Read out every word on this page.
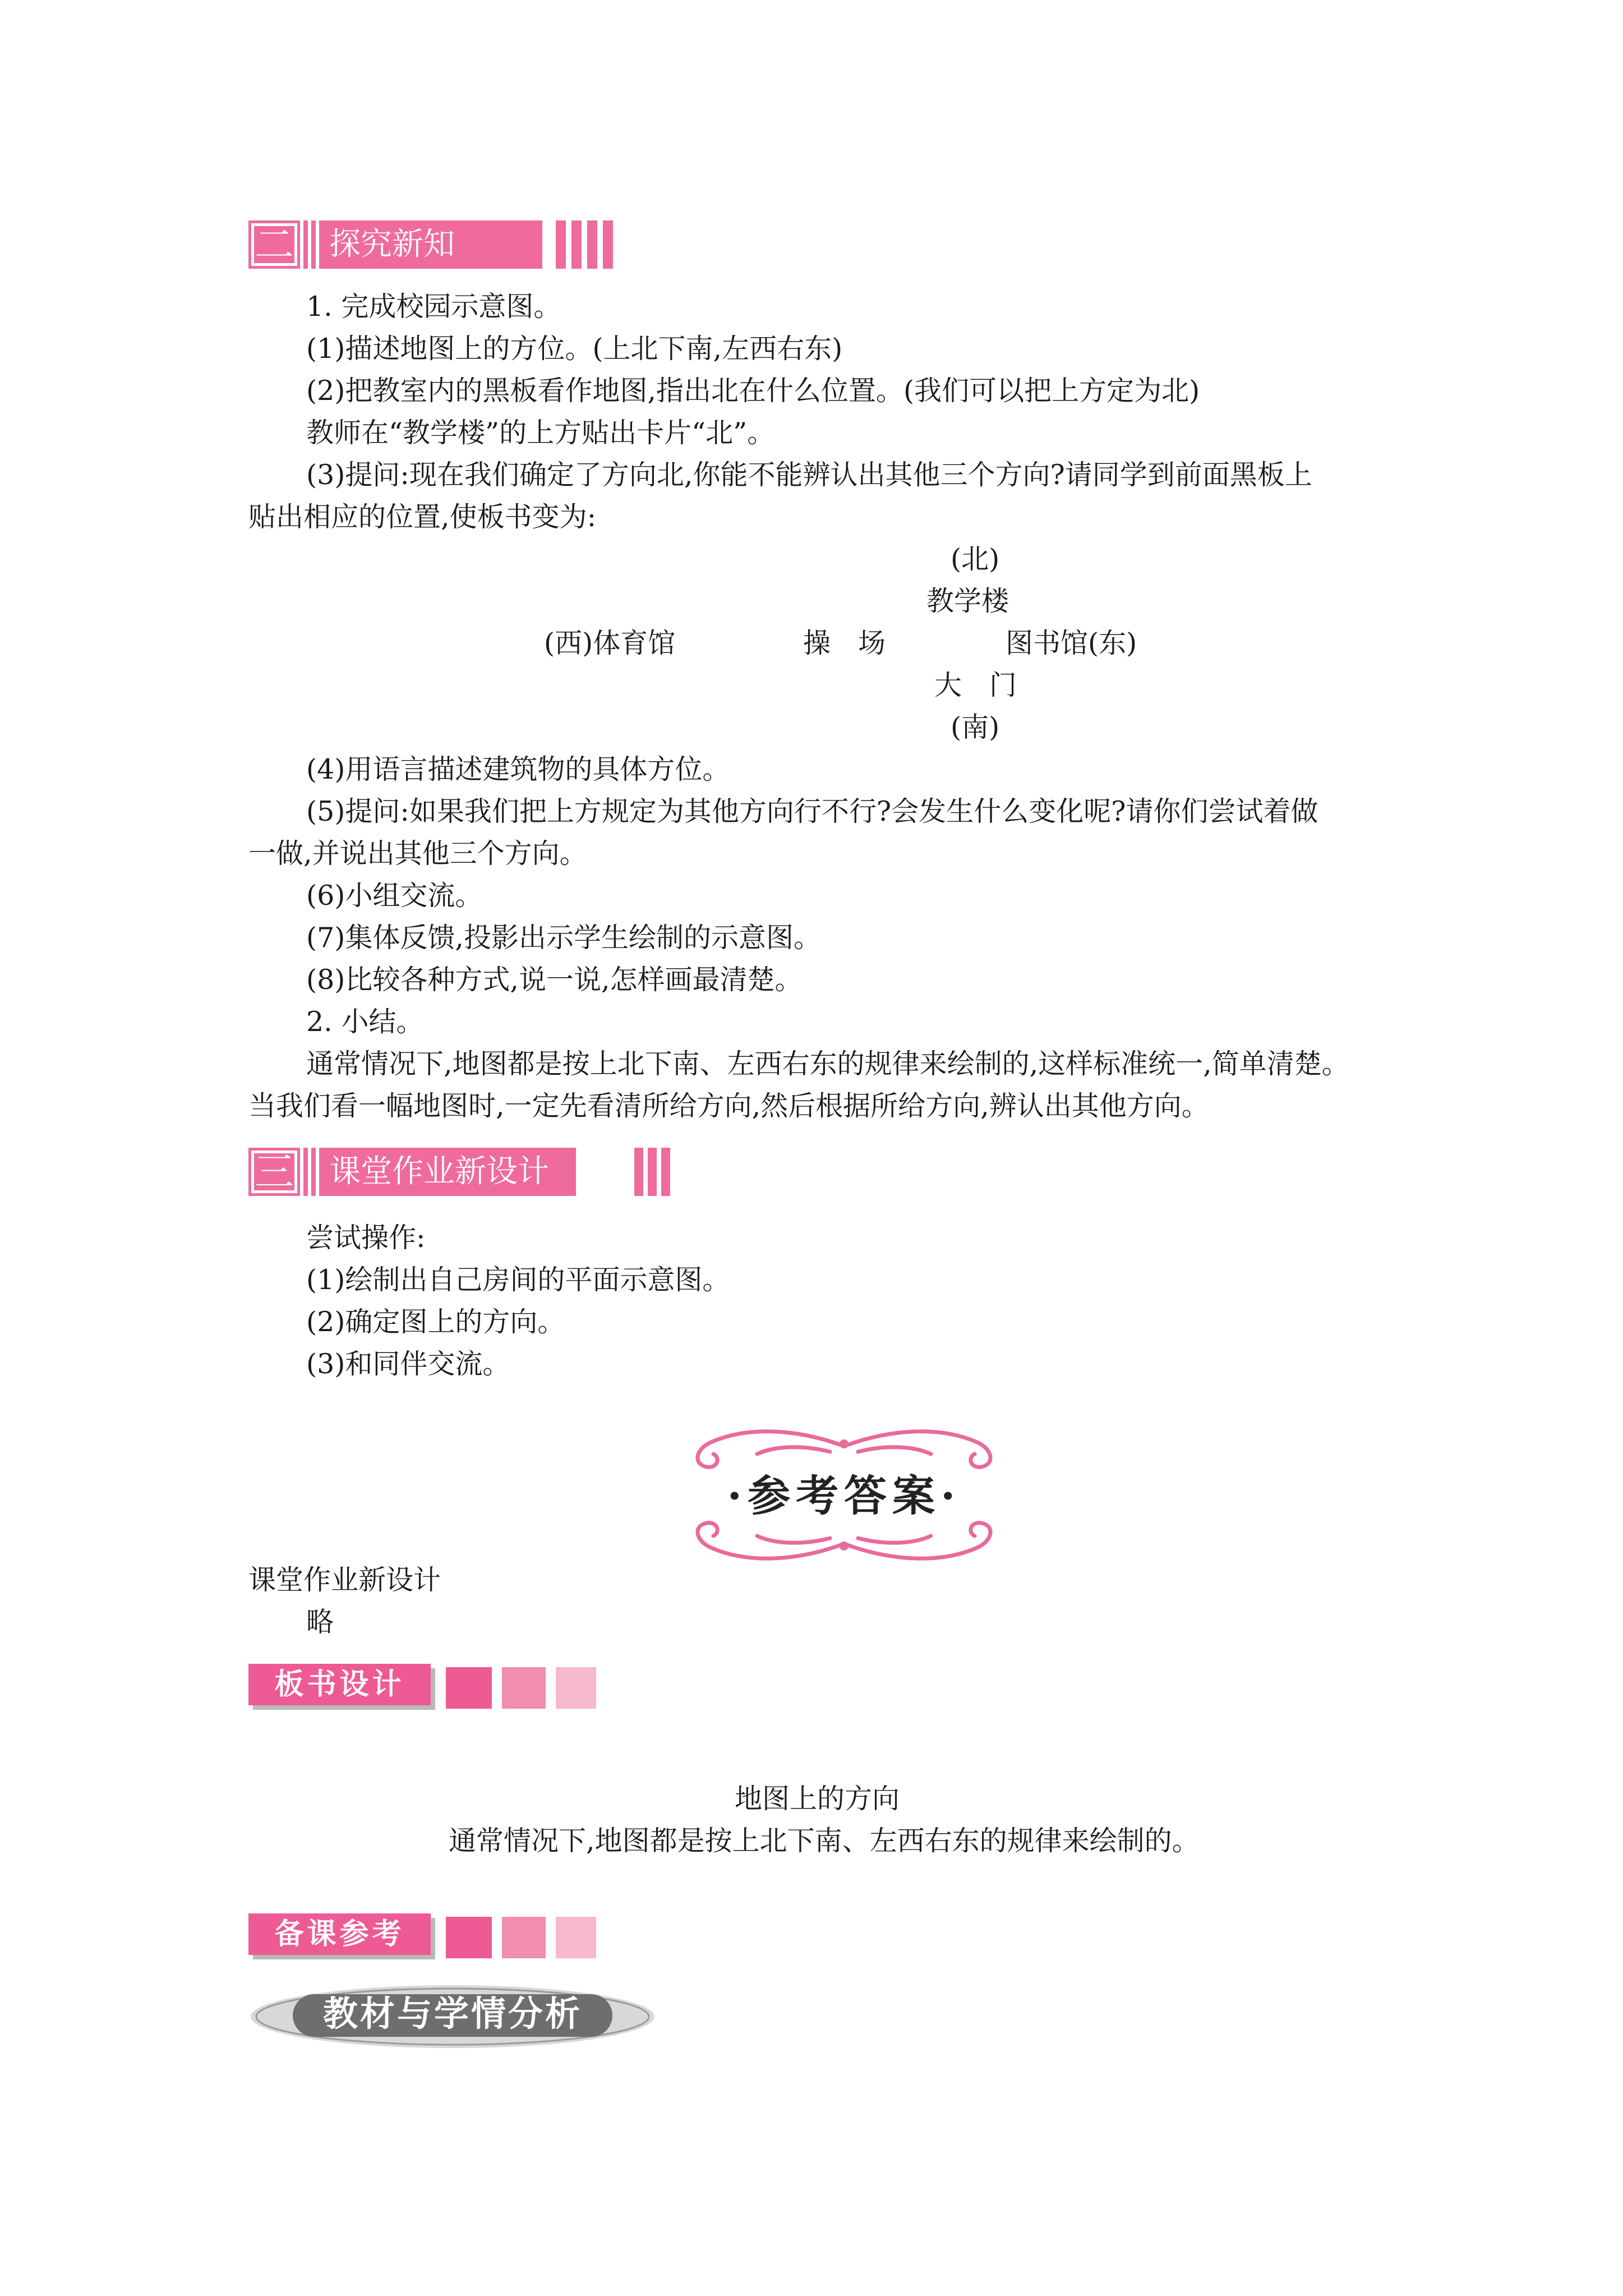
二	探究新知
1. 完成校园示意图。
(1)描述地图上的方位。(上北下南,左西右东)
(2)把教室内的黑板看作地图,指出北在什么位置。(我们可以把上方定为北)
教师在“教学楼”的上方贴出卡片“北”。
(3)提问:现在我们确定了方向北,你能不能辨认出其他三个方向?请同学到前面黑板上
贴出相应的位置,使板书变为:
(北)
教学楼
(西)体育馆	操　场	图书馆(东)
大　门
(南)
(4)用语言描述建筑物的具体方位。
(5)提问:如果我们把上方规定为其他方向行不行?会发生什么变化呢?请你们尝试着做
一做,并说出其他三个方向。
(6)小组交流。
(7)集体反馈,投影出示学生绘制的示意图。
(8)比较各种方式,说一说,怎样画最清楚。
2. 小结。
通常情况下,地图都是按上北下南、左西右东的规律来绘制的,这样标准统一,简单清楚。
当我们看一幅地图时,一定先看清所给方向,然后根据所给方向,辨认出其他方向。
三	课堂作业新设计
尝试操作:
(1)绘制出自己房间的平面示意图。
(2)确定图上的方向。
(3)和同伴交流。
·参考答案·
课堂作业新设计
略
板书设计
地图上的方向
通常情况下,地图都是按上北下南、左西右东的规律来绘制的。
备课参考
教材与学情分析
